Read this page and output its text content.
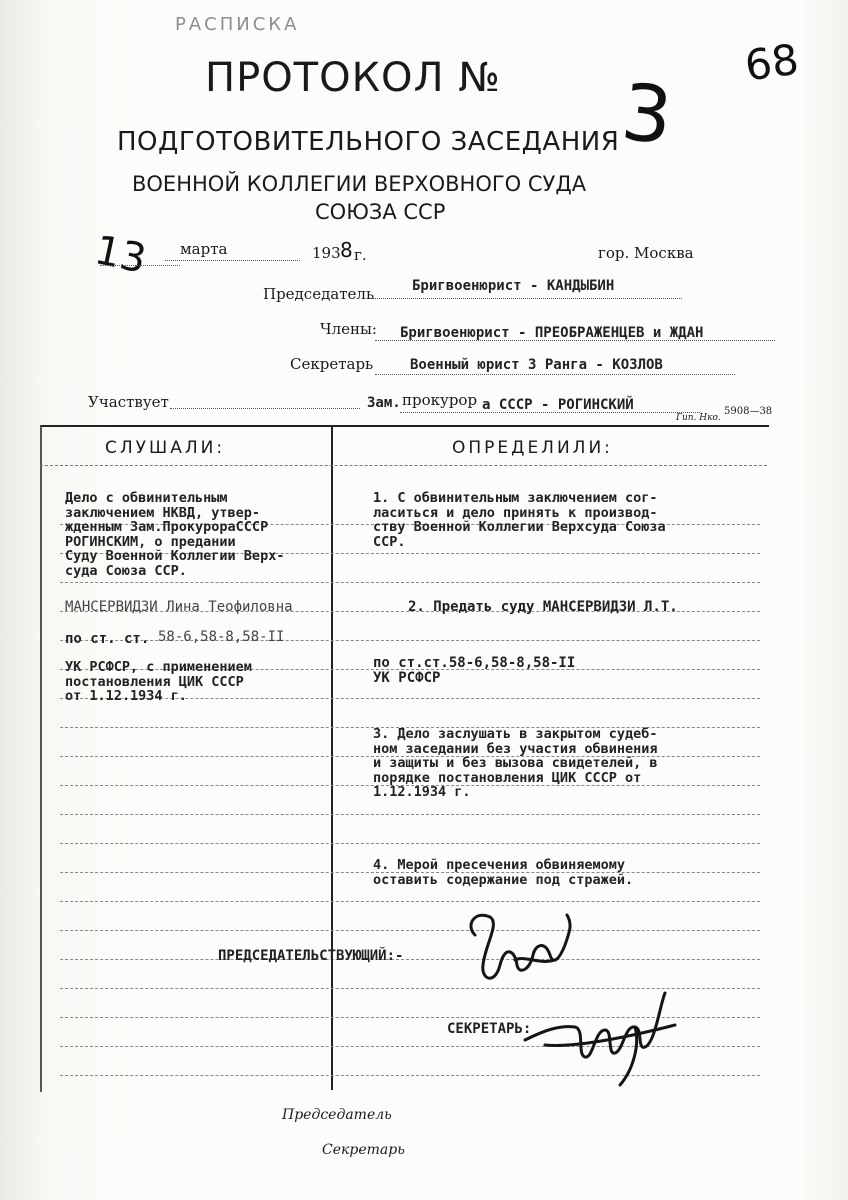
РАСПИСКА
68
ПРОТОКОЛ № 3
ПОДГОТОВИТЕЛЬНОГО ЗАСЕДАНИЯ
ВОЕННОЙ КОЛЛЕГИИ ВЕРХОВНОГО СУДА
СОЮЗА ССР
13 марта	193 8 г.	гор. Москва
Председатель	Бригвоенюрист - КАНДЫБИН
Члены: Бригвоенюрист - ПРЕОБРАЖЕНЦЕВ и ЖДАН
Секретарь	Военный юрист 3 Ранга - КОЗЛОВ
Участвует	Зам. прокурор а СССР - РОГИНСКИЙ
Гип. Нко.
5908—38
СЛУШАЛИ:	ОПРЕДЕЛИЛИ:
Дело с обвинительным
заключением НКВД, утвер-
жденным Зам.ПрокурораСССР
РОГИНСКИМ, о предании
Суду Военной Коллегии Верх-
суда Союза ССР.
МАНСЕРВИДЗИ Лина Теофиловна
по ст. ст. 58-6,58-8,58-II
УК РСФСР, с применением
постановления ЦИК СССР
от 1.12.1934 г.
1. С обвинительным заключением сог-
ласиться и дело принять к производ-
ству Военной Коллегии Верхсуда Союза
ССР.
2. Предать суду МАНСЕРВИДЗИ Л.Т.
по ст.ст.58-6,58-8,58-II
УК РСФСР
3. Дело заслушать в закрытом судеб-
ном заседании без участия обвинения
и защиты и без вызова свидетелей, в
порядке постановления ЦИК СССР от
1.12.1934 г.
4. Мерой пресечения обвиняемому
оставить содержание под стражей.
ПРЕДСЕДАТЕЛЬСТВУЮЩИЙ:-
СЕКРЕТАРЬ:
Председатель
Секретарь
